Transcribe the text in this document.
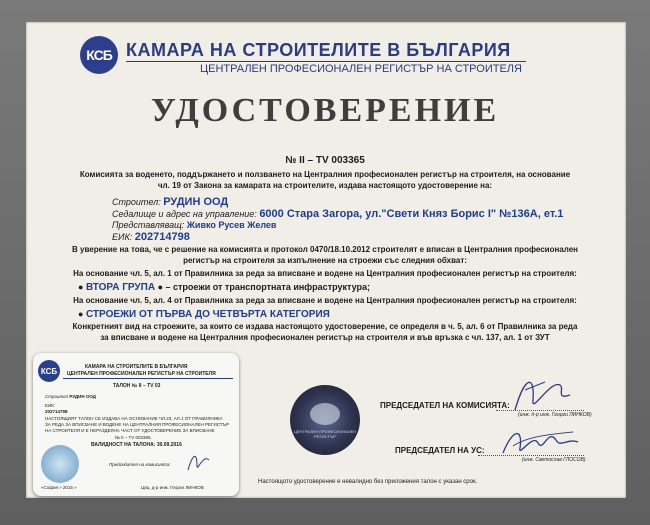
КСБ КАМАРА НА СТРОИТЕЛИТЕ В БЪЛГАРИЯ
ЦЕНТРАЛЕН ПРОФЕСИОНАЛЕН РЕГИСТЪР НА СТРОИТЕЛЯ
УДОСТОВЕРЕНИЕ
№ II – TV 003365
Комисията за воденето, поддържането и ползването на Централния професионален регистър на строителя, на основание
чл. 19 от Закона за камарата на строителите, издава настоящото удостоверение на:
Строител: РУДИН ООД
Седалище и адрес на управление: 6000 Стара Загора, ул."Свети Княз Борис I" №136А, ет.1
Представляващ: Живко Русев Желев
ЕИК: 202714798
В уверение на това, че с решение на комисията и протокол 0470/18.10.2012 строителят е вписан в Централния професионален
регистър на строителя за изпълнение на строежи със следния обхват:
На основание чл. 5, ал. 1 от Правилника за реда за вписване и водене на Централния професионален регистър на строителя:
● ВТОРА ГРУПА ● – строежи от транспортната инфраструктура;
На основание чл. 5, ал. 4 от Правилника за реда за вписване и водене на Централния професионален регистър на строителя:
● СТРОЕЖИ ОТ ПЪРВА ДО ЧЕТВЪРТА КАТЕГОРИЯ
Конкретният вид на строежите, за които се издава настоящото удостоверение, се определя в ч. 5, ал. 6 от Правилника за реда
за вписване и водене на Централния професионален регистър на строителя и във връзка с чл. 137, ал. 1 от ЗУТ
ЦЕНТРАЛЕН ПРОФЕСИОНАЛЕН РЕГИСТЪР
ПРЕДСЕДАТЕЛ НА КОМИСИЯТА:
(инж. д-р инж. Георги ЛИНКОВ)
ПРЕДСЕДАТЕЛ НА УС:
(инж. Светослав ГЛОСОВ)
Настоящото удостоверение е невалидно без приложения талон с указан срок.
КСБ	КАМАРА НА СТРОИТЕЛИТЕ В БЪЛГАРИЯ
ЦЕНТРАЛЕН ПРОФЕСИОНАЛЕН РЕГИСТЪР НА СТРОИТЕЛЯ
ТАЛОН № II – TV 03
Строител РУДИН ООД
ЕИК:
202714798
НАСТОЯЩИЯТ ТАЛОН СЕ ИЗДАВА НА ОСНОВАНИЕ ЧЛ.23, АЛ.1 ОТ ПРАВИЛНИКА
ЗА РЕДА ЗА ВПИСВАНЕ И ВОДЕНЕ НА ЦЕНТРАЛНИЯ ПРОФЕСИОНАЛЕН РЕГИСТЪР
НА СТРОИТЕЛЯ И Е НЕРАЗДЕЛНА ЧАСТ ОТ УДОСТОВЕРЕНИЕ ЗА ВПИСВАНЕ
№ II – TV 003365.
ВАЛИДНОСТ НА ТАЛОНА: 30.09.2016
Председател на комисията:
«София » 2015 »	Цвц. д-р инж. Георги ЛИНКОВ
